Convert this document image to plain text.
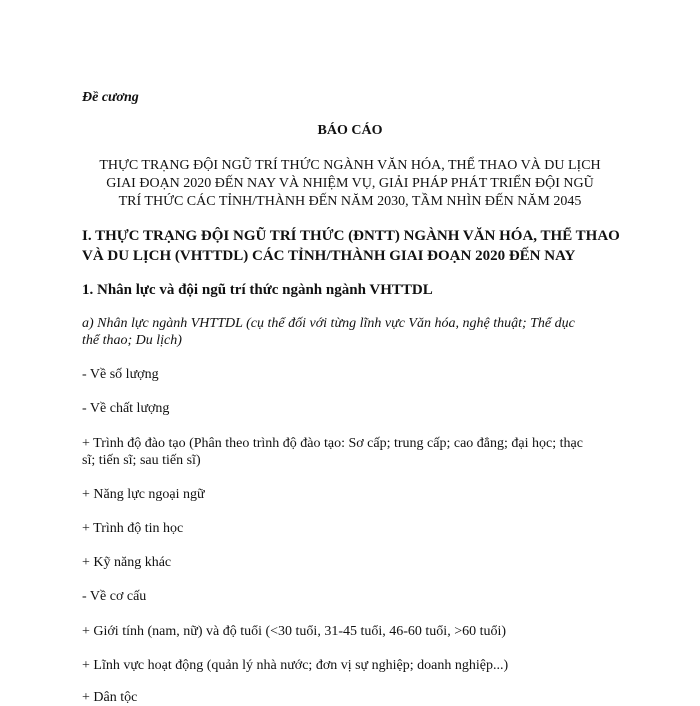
Đề cương
BÁO CÁO
THỰC TRẠNG ĐỘI NGŨ TRÍ THỨC NGÀNH VĂN HÓA, THỂ THAO VÀ DU LỊCH
GIAI ĐOẠN 2020 ĐẾN NAY VÀ NHIỆM VỤ, GIẢI PHÁP PHÁT TRIỂN ĐỘI NGŨ
TRÍ THỨC CÁC TỈNH/THÀNH ĐẾN NĂM 2030, TẦM NHÌN ĐẾN NĂM 2045
I. THỰC TRẠNG ĐỘI NGŨ TRÍ THỨC (ĐNTT) NGÀNH VĂN HÓA, THỂ THAO
VÀ DU LỊCH (VHTTDL) CÁC TỈNH/THÀNH GIAI ĐOẠN 2020 ĐẾN NAY
1. Nhân lực và đội ngũ trí thức ngành ngành VHTTDL
a) Nhân lực ngành VHTTDL (cụ thể đối với từng lĩnh vực Văn hóa, nghệ thuật; Thể dục
thể thao; Du lịch)
- Về số lượng
- Về chất lượng
+ Trình độ đào tạo (Phân theo trình độ đào tạo: Sơ cấp; trung cấp; cao đẳng; đại học; thạc
sĩ; tiến sĩ; sau tiến sĩ)
+ Năng lực ngoại ngữ
+ Trình độ tin học
+ Kỹ năng khác
- Về cơ cấu
+ Giới tính (nam, nữ) và độ tuổi (<30 tuổi, 31-45 tuổi, 46-60 tuổi, >60 tuổi)
+ Lĩnh vực hoạt động (quản lý nhà nước; đơn vị sự nghiệp; doanh nghiệp...)
+ Dân tộc
